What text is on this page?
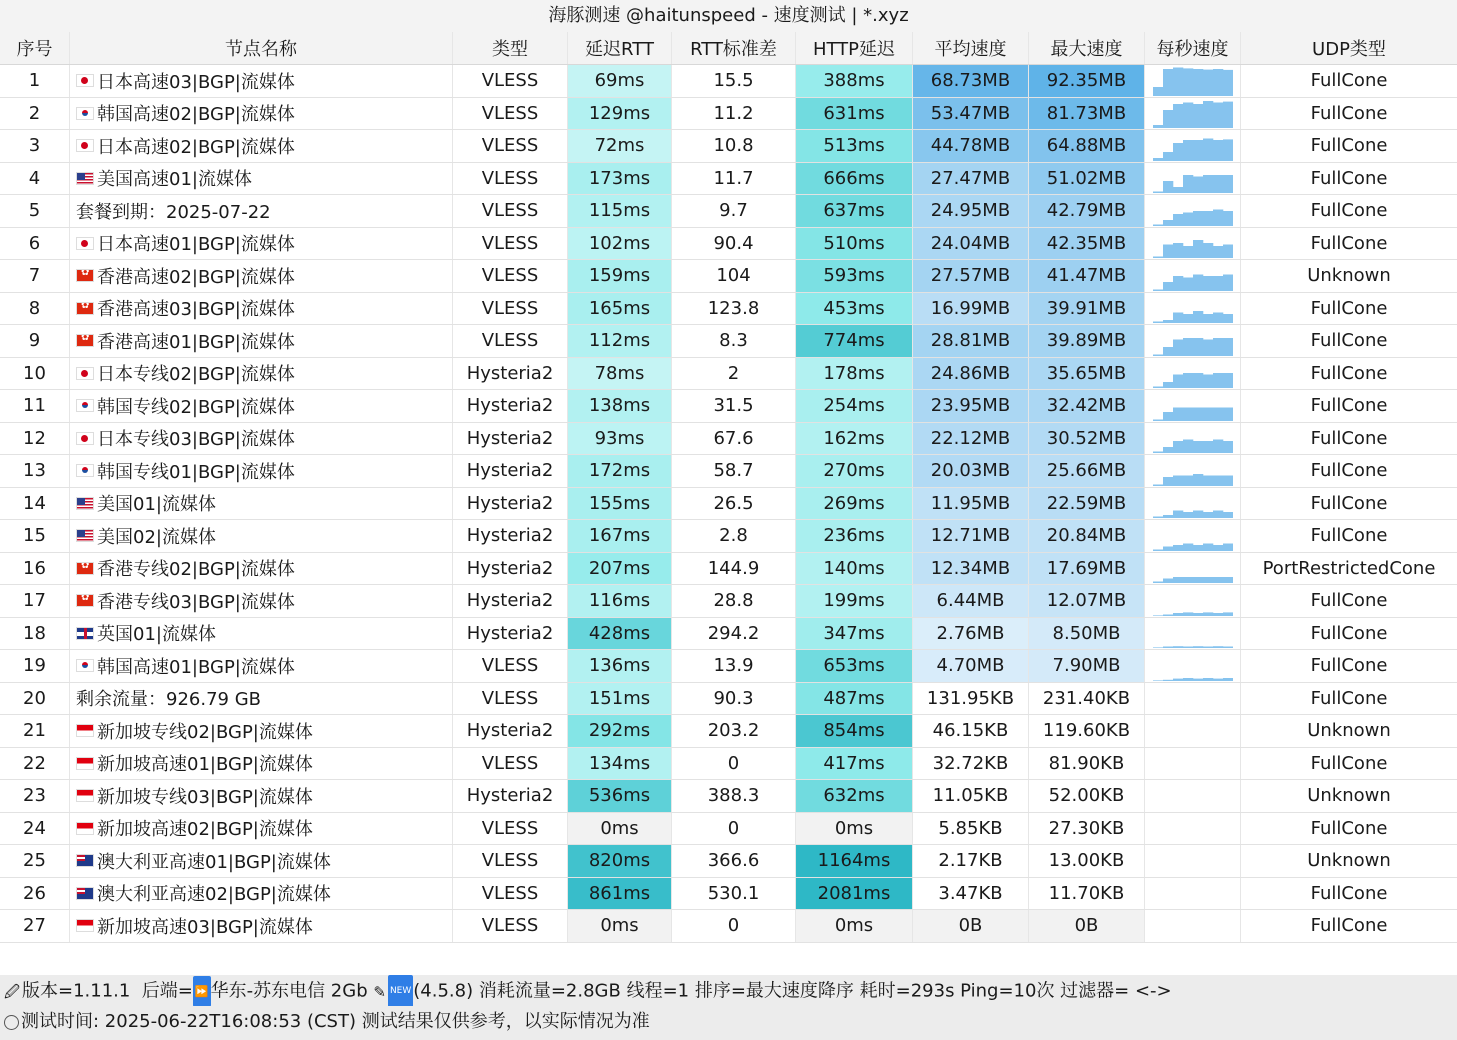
海豚测速 @haitunspeed - 速度测试 | *.xyz
序号	节点名称	类型	延迟RTT	RTT标准差	HTTP延迟	平均速度	最大速度	每秒速度	UDP类型
1	日本高速03|BGP|流媒体	VLESS	69ms	15.5	388ms	68.73MB	92.35MB	FullCone
2	韩国高速02|BGP|流媒体	VLESS	129ms	11.2	631ms	53.47MB	81.73MB	FullCone
3	日本高速02|BGP|流媒体	VLESS	72ms	10.8	513ms	44.78MB	64.88MB	FullCone
4	美国高速01|流媒体	VLESS	173ms	11.7	666ms	27.47MB	51.02MB	FullCone
5	套餐到期：2025-07-22	VLESS	115ms	9.7	637ms	24.95MB	42.79MB	FullCone
6	日本高速01|BGP|流媒体	VLESS	102ms	90.4	510ms	24.04MB	42.35MB	FullCone
7 ✿	香港高速02|BGP|流媒体	VLESS	159ms	104	593ms	27.57MB	41.47MB	Unknown
8 ✿	香港高速03|BGP|流媒体	VLESS	165ms	123.8	453ms	16.99MB	39.91MB	FullCone
9 ✿	香港高速01|BGP|流媒体	VLESS	112ms	8.3	774ms	28.81MB	39.89MB	FullCone
10	日本专线02|BGP|流媒体	Hysteria2	78ms	2	178ms	24.86MB	35.65MB	FullCone
11	韩国专线02|BGP|流媒体	Hysteria2	138ms	31.5	254ms	23.95MB	32.42MB	FullCone
12	日本专线03|BGP|流媒体	Hysteria2	93ms	67.6	162ms	22.12MB	30.52MB	FullCone
13	韩国专线01|BGP|流媒体	Hysteria2	172ms	58.7	270ms	20.03MB	25.66MB	FullCone
14	美国01|流媒体	Hysteria2	155ms	26.5	269ms	11.95MB	22.59MB	FullCone
15	美国02|流媒体	Hysteria2	167ms	2.8	236ms	12.71MB	20.84MB	FullCone
16 ✿	香港专线02|BGP|流媒体	Hysteria2	207ms	144.9	140ms	12.34MB	17.69MB	PortRestrictedCone
17 ✿	香港专线03|BGP|流媒体	Hysteria2	116ms	28.8	199ms	6.44MB	12.07MB	FullCone
18	英国01|流媒体	Hysteria2	428ms	294.2	347ms	2.76MB	8.50MB	FullCone
19	韩国高速01|BGP|流媒体	VLESS	136ms	13.9	653ms	4.70MB	7.90MB	FullCone
20	剩余流量：926.79 GB	VLESS	151ms	90.3	487ms	131.95KB	231.40KB	FullCone
21	新加坡专线02|BGP|流媒体	Hysteria2	292ms	203.2	854ms	46.15KB	119.60KB	Unknown
22	新加坡高速01|BGP|流媒体	VLESS	134ms	0	417ms	32.72KB	81.90KB	FullCone
23	新加坡专线03|BGP|流媒体	Hysteria2	536ms	388.3	632ms	11.05KB	52.00KB	Unknown
24	新加坡高速02|BGP|流媒体	VLESS	0ms	0	0ms	5.85KB	27.30KB	FullCone
25	澳大利亚高速01|BGP|流媒体	VLESS	820ms	366.6	1164ms	2.17KB	13.00KB	Unknown
26	澳大利亚高速02|BGP|流媒体	VLESS	861ms	530.1	2081ms	3.47KB	11.70KB	FullCone
27	新加坡高速03|BGP|流媒体	VLESS	0ms	0	0ms	0B	0B	FullCone
🖉 版本=1.11.1 后端= ⏩ 华东-苏东电信 2Gb ✎ NEW (4.5.8) 消耗流量=2.8GB 线程=1 排序=最大速度降序 耗时=293s Ping=10次 过滤器= <->
测试时间: 2025-06-22T16:08:53 (CST) 测试结果仅供参考，以实际情况为准
